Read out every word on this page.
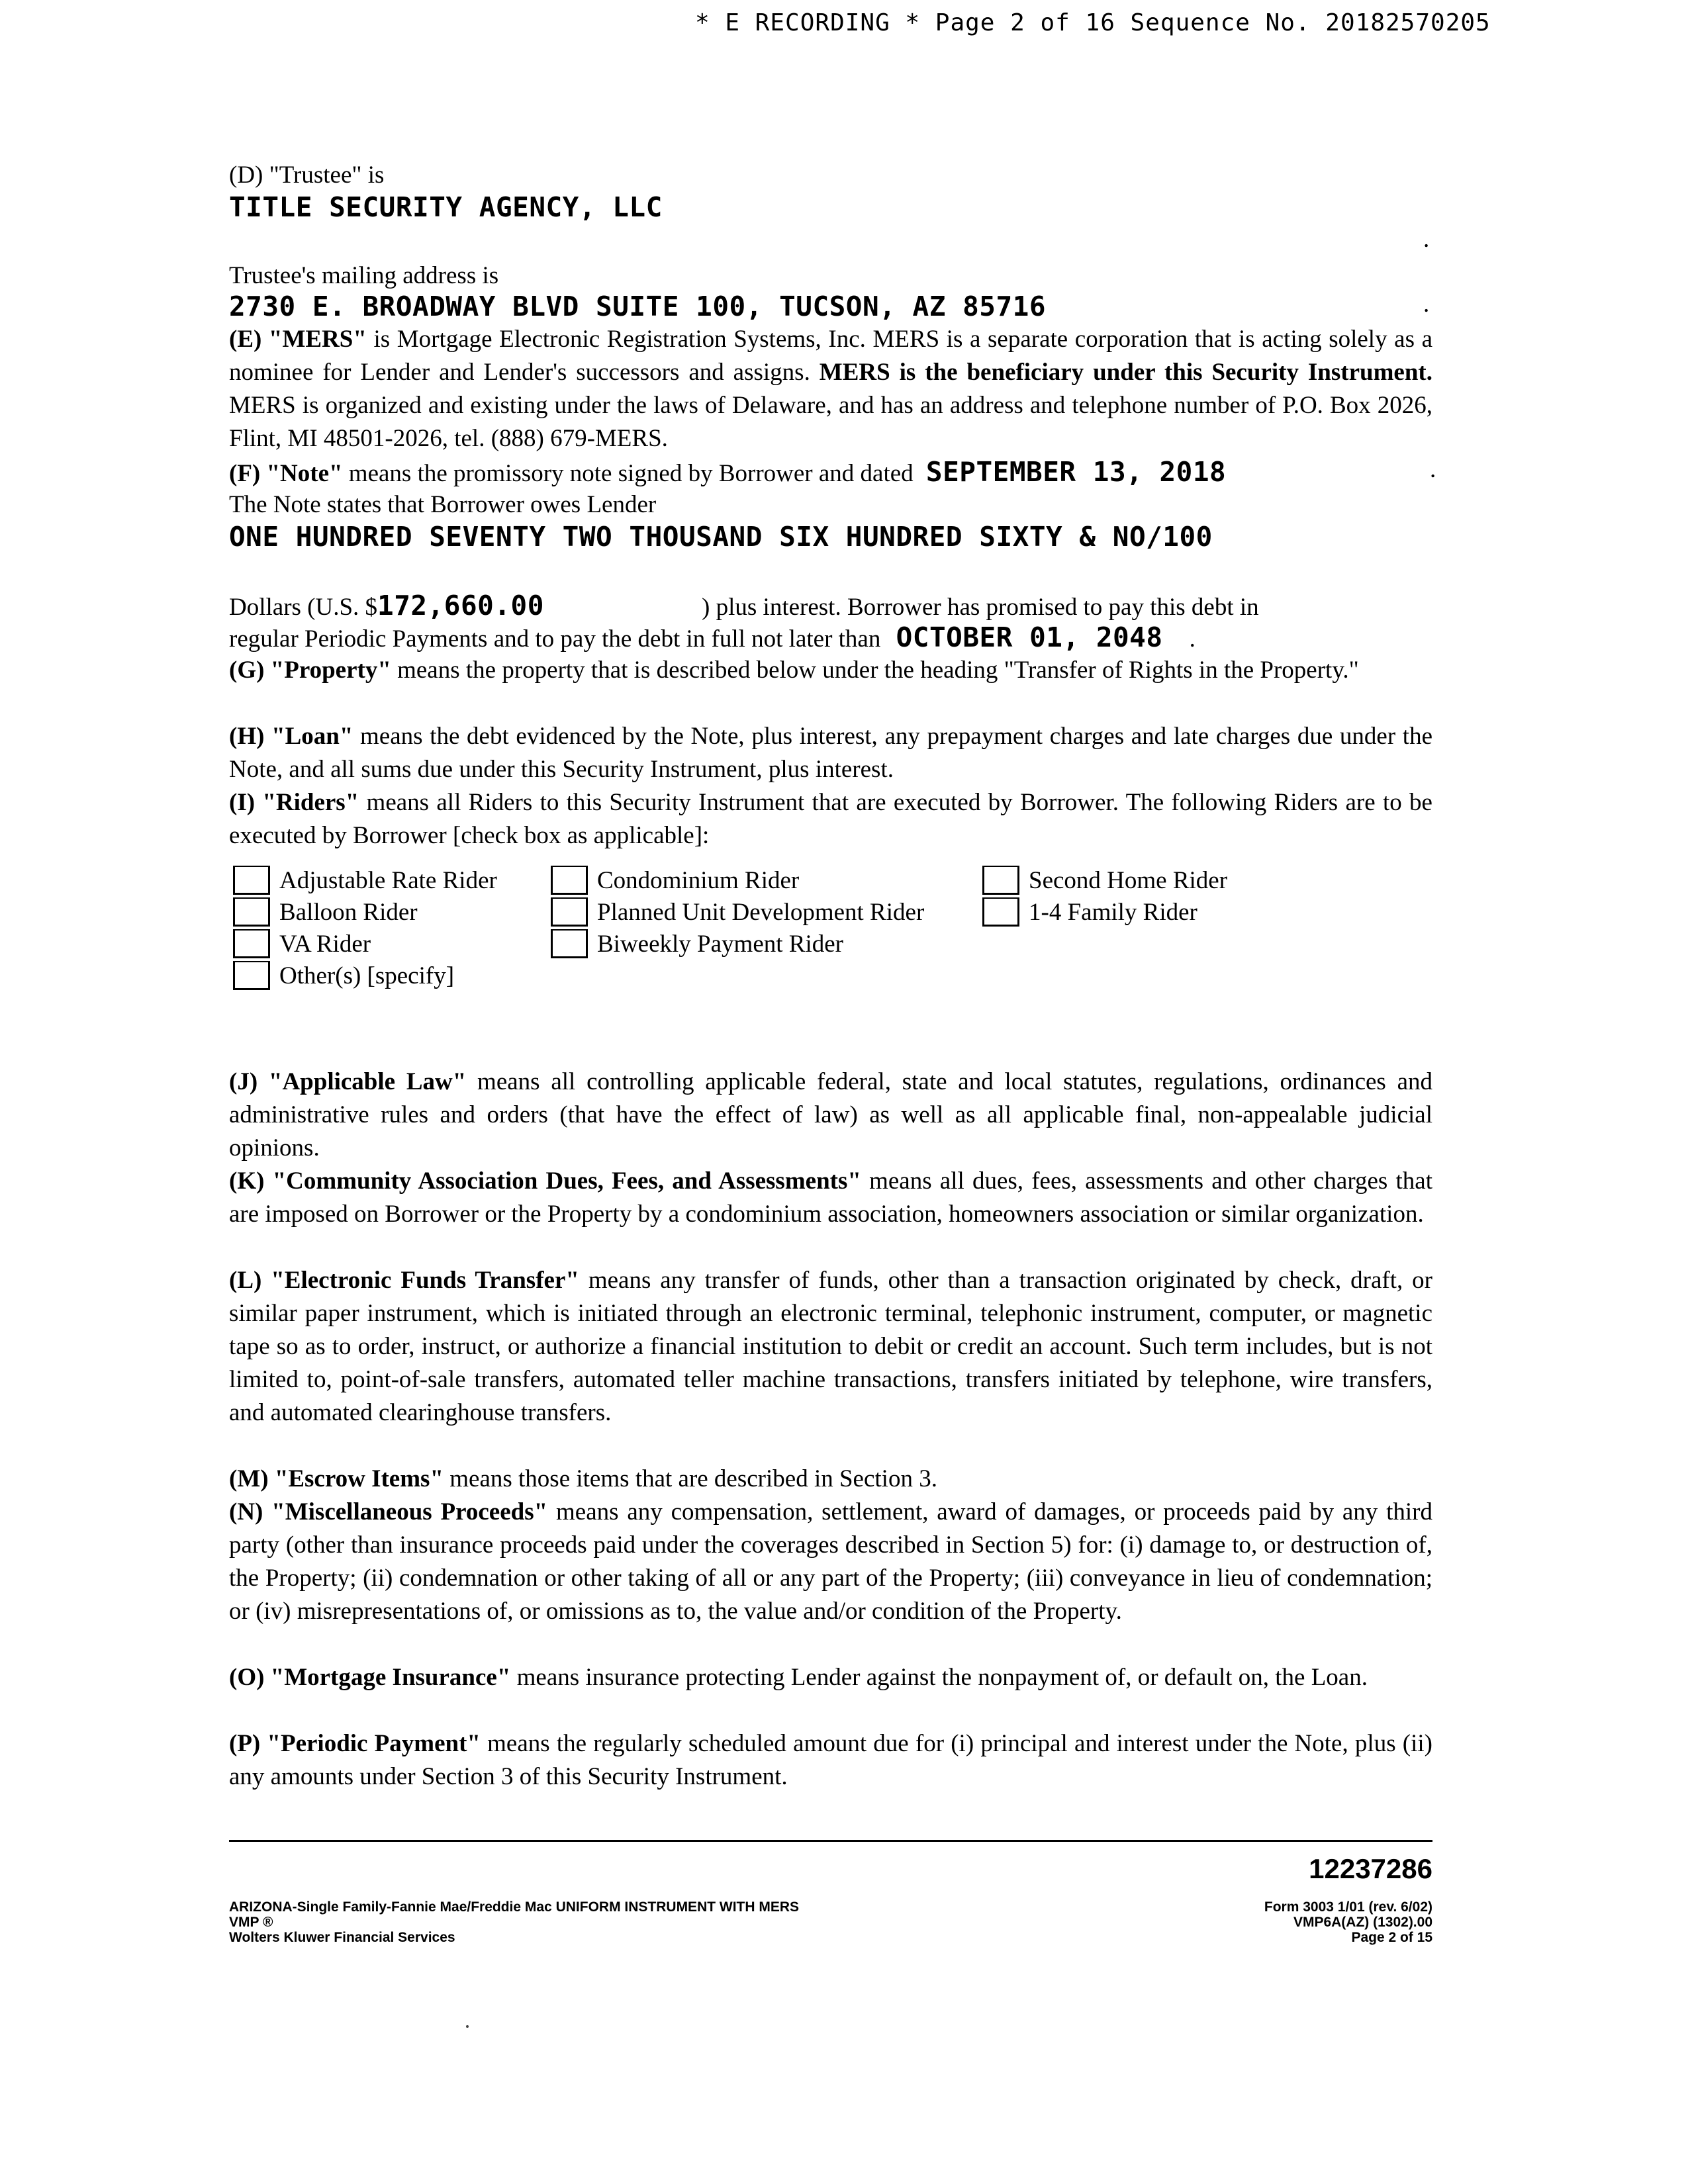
* E RECORDING * Page 2 of 16 Sequence No. 20182570205
(D) "Trustee" is
TITLE SECURITY AGENCY, LLC
.
Trustee's mailing address is
2730 E. BROADWAY BLVD SUITE 100, TUCSON, AZ 85716	.
(E) "MERS" is Mortgage Electronic Registration Systems, Inc. MERS is a separate corporation that is acting solely as a nominee for Lender and Lender's successors and assigns. MERS is the beneficiary under this Security Instrument. MERS is organized and existing under the laws of Delaware, and has an address and telephone number of P.O. Box 2026, Flint, MI 48501-2026, tel. (888) 679-MERS.
(F) "Note" means the promissory note signed by Borrower and dated SEPTEMBER 13, 2018	.
The Note states that Borrower owes Lender
ONE HUNDRED SEVENTY TWO THOUSAND SIX HUNDRED SIXTY & NO/100
Dollars (U.S. $172,660.00	) plus interest. Borrower has promised to pay this debt in
regular Periodic Payments and to pay the debt in full not later than OCTOBER 01, 2048 .
(G) "Property" means the property that is described below under the heading "Transfer of Rights in the Property."
(H) "Loan" means the debt evidenced by the Note, plus interest, any prepayment charges and late charges due under the Note, and all sums due under this Security Instrument, plus interest.
(I) "Riders" means all Riders to this Security Instrument that are executed by Borrower. The following Riders are to be executed by Borrower [check box as applicable]:
Adjustable Rate Rider	Condominium Rider	Second Home Rider
Balloon Rider	Planned Unit Development Rider	1-4 Family Rider
VA Rider	Biweekly Payment Rider
Other(s) [specify]
(J) "Applicable Law" means all controlling applicable federal, state and local statutes, regulations, ordinances and administrative rules and orders (that have the effect of law) as well as all applicable final, non-appealable judicial opinions.
(K) "Community Association Dues, Fees, and Assessments" means all dues, fees, assessments and other charges that are imposed on Borrower or the Property by a condominium association, homeowners association or similar organization.
(L) "Electronic Funds Transfer" means any transfer of funds, other than a transaction originated by check, draft, or similar paper instrument, which is initiated through an electronic terminal, telephonic instrument, computer, or magnetic tape so as to order, instruct, or authorize a financial institution to debit or credit an account. Such term includes, but is not limited to, point-of-sale transfers, automated teller machine transactions, transfers initiated by telephone, wire transfers, and automated clearinghouse transfers.
(M) "Escrow Items" means those items that are described in Section 3.
(N) "Miscellaneous Proceeds" means any compensation, settlement, award of damages, or proceeds paid by any third party (other than insurance proceeds paid under the coverages described in Section 5) for: (i) damage to, or destruction of, the Property; (ii) condemnation or other taking of all or any part of the Property; (iii) conveyance in lieu of condemnation; or (iv) misrepresentations of, or omissions as to, the value and/or condition of the Property.
(O) "Mortgage Insurance" means insurance protecting Lender against the nonpayment of, or default on, the Loan.
(P) "Periodic Payment" means the regularly scheduled amount due for (i) principal and interest under the Note, plus (ii) any amounts under Section 3 of this Security Instrument.
12237286
ARIZONA-Single Family-Fannie Mae/Freddie Mac UNIFORM INSTRUMENT WITH MERS
VMP ®
Wolters Kluwer Financial Services
Form 3003 1/01 (rev. 6/02)
VMP6A(AZ) (1302).00
Page 2 of 15
